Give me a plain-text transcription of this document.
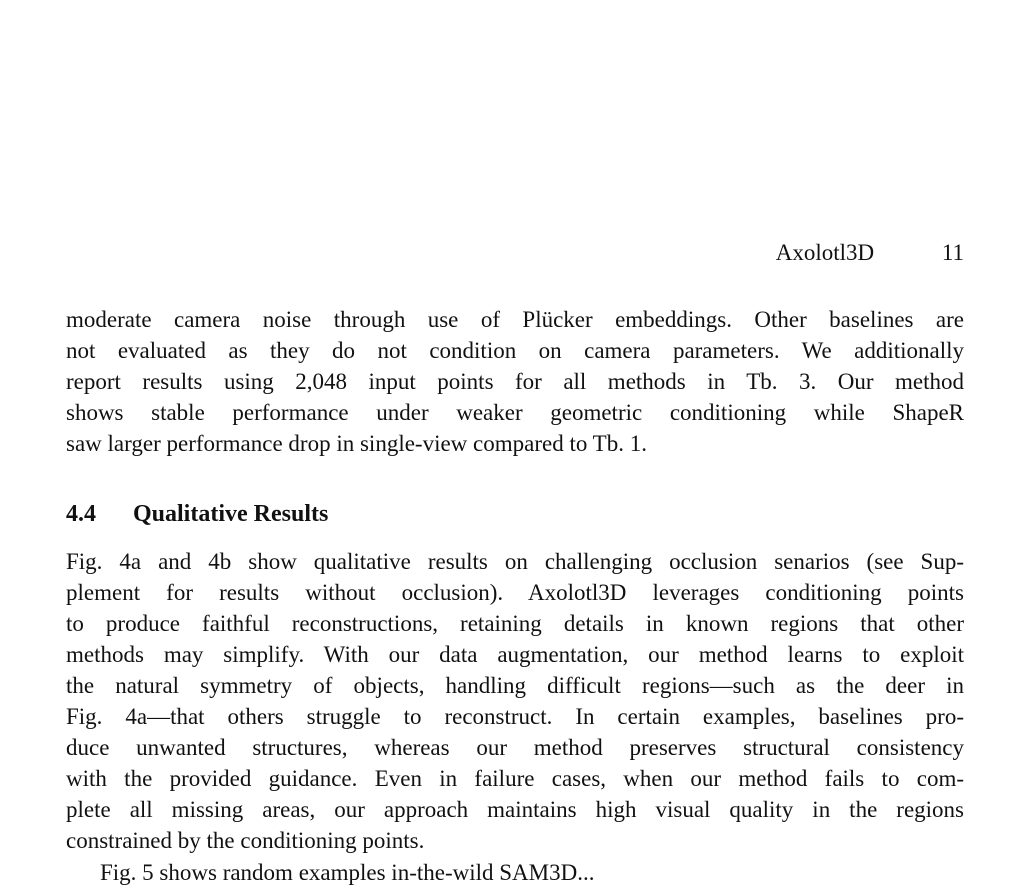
Axolotl3D	11
moderate camera noise through use of Plücker embeddings. Other baselines are
not evaluated as they do not condition on camera parameters. We additionally
report results using 2,048 input points for all methods in Tb. 3. Our method
shows stable performance under weaker geometric conditioning while ShapeR
saw larger performance drop in single-view compared to Tb. 1.
4.4 Qualitative Results
Fig. 4a and 4b show qualitative results on challenging occlusion senarios (see Sup-
plement for results without occlusion). Axolotl3D leverages conditioning points
to produce faithful reconstructions, retaining details in known regions that other
methods may simplify. With our data augmentation, our method learns to exploit
the natural symmetry of objects, handling difficult regions—such as the deer in
Fig. 4a—that others struggle to reconstruct. In certain examples, baselines pro-
duce unwanted structures, whereas our method preserves structural consistency
with the provided guidance. Even in failure cases, when our method fails to com-
plete all missing areas, our approach maintains high visual quality in the regions
constrained by the conditioning points.
Fig. 5 shows random examples in-the-wild SAM3D...
